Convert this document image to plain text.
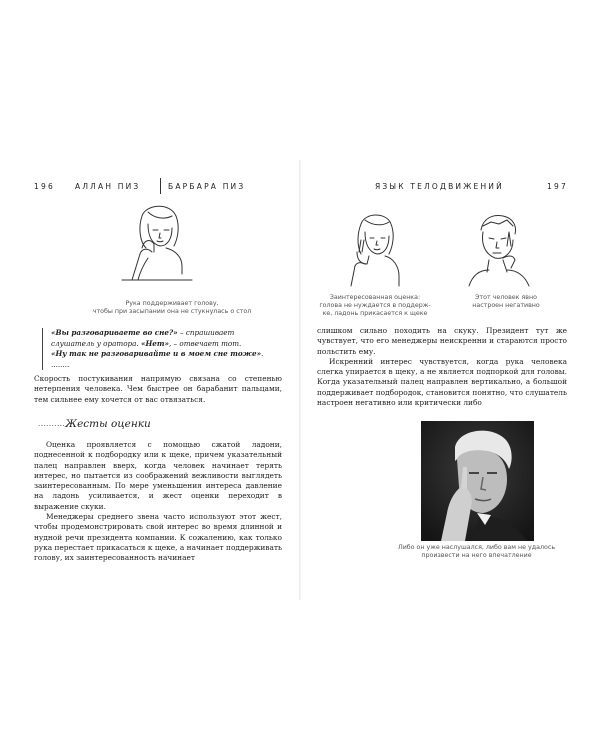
196	АЛЛАН ПИЗ	БАРБАРА ПИЗ
Рука поддерживает голову,
чтобы при засыпании она не стукнулась о стол

«Вы разговариваете во сне?» – спрашивает

слушатель у оратора. «Нет», – отвечает тот.

«Ну так не разговаривайте и в моем сне тоже». ........

Скорость постукивания напрямую связана со степенью нетерпения человека. Чем быстрее он барабанит пальцами, тем сильнее ему хочется от вас отвязаться.

..........Жесты оценки

Оценка проявляется с помощью сжатой ладони, поднесенной к подбородку или к щеке, причем указательный палец направлен вверх, когда человек начинает терять интерес, но пытается из соображений вежливости выглядеть заинтересованным. По мере уменьшения интереса давление на ладонь усиливается, и жест оценки переходит в выражение скуки.

Менеджеры среднего звена часто используют этот жест, чтобы продемонстрировать свой интерес во время длинной и нудной речи президента компании. К сожалению, как только рука перестает прикасаться к щеке, а начинает поддерживать голову, их заинтересованность начинает

ЯЗЫК ТЕЛОДВИЖЕНИЙ	197
Заинтересованная оценка:
голова не нуждается в поддерж-
ке, ладонь прикасается к щеке
Этот человек явно
настроен негативно

слишком сильно походить на скуку. Президент тут же чувствует, что его менеджеры неискренни и стараются просто польстить ему.

Искренний интерес чувствуется, когда рука человека слегка упирается в щеку, а не является подпоркой для головы. Когда указательный палец направлен вертикально, а большой поддерживает подбородок, становится понятно, что слушатель настроен негативно или критически либо

Либо он уже наслушался, либо вам не удалось
произвести на него впечатление
